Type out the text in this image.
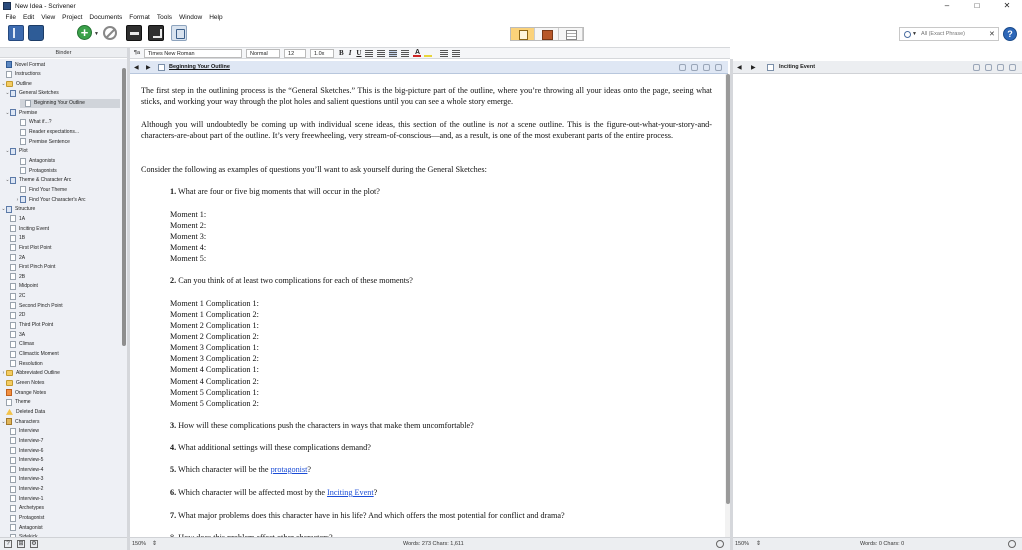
New Idea - Scrivener	–	□	✕
File	Edit	View	Project	Documents	Format	Tools	Window	Help
+	▼	▼
All (Exact Phrase)	✕	?
Binder
Novel Format
Instructions
⌄ Outline
⌄ General Sketches
Beginning Your Outline
⌄ Premise
What if...?
Reader expectations...
Premise Sentence
⌄ Plot
Antagonists
Protagonists
⌄ Theme & Character Arc
Find Your Theme
›	Find Your Character's Arc
⌄ Structure
1A
Inciting Event
1B
First Plot Point
2A
First Pinch Point
2B
Midpoint
2C
Second Pinch Point
2D
Third Plot Point
3A
Climax
Climactic Moment
Resolution
›	Abbreviated Outline
Green Notes
Orange Notes
Theme
Deleted Data
⌄ Characters
Interview
Interview-7
Interview-6
Interview-5
Interview-4
Interview-3
Interview-2
Interview-1
Archetypes
Protagonist
Antagonist
?	⊞ ⚙
¶a	Times New Roman	Normal	12	1.0x	B I U	A
◀	▶	Beginning Your Outline

The first step in the outlining process is the “General Sketches.” This is the big-picture part of the outline, where you’re throwing all your ideas onto the page, seeing what sticks, and working your way through the plot holes and salient questions until you can see a whole story emerge.

Although you will undoubtedly be coming up with individual scene ideas, this section of the outline is not a scene outline. This is the figure-out-what-your-story-and-characters-are-about part of the outline. It’s very freewheeling, very stream-of-conscious—and, as a result, is one of the most exuberant parts of the entire process.

Consider the following as examples of questions you’ll want to ask yourself during the General Sketches:

1. What are four or five big moments that will occur in the plot?
Moment 1:
Moment 2:
Moment 3:
Moment 4:
Moment 5:
2. Can you think of at least two complications for each of these moments?
Moment 1 Complication 1:
Moment 1 Complication 2:
Moment 2 Complication 1:
Moment 2 Complication 2:
Moment 3 Complication 1:
Moment 3 Complication 2:
Moment 4 Complication 1:
Moment 4 Complication 2:
Moment 5 Complication 1:
Moment 5 Complication 2:
3. How will these complications push the characters in ways that make them uncomfortable?
4. What additional settings will these complications demand?
5. Which character will be the protagonist?
6. Which character will be affected most by the Inciting Event?
7. What major problems does this character have in his life? And which offers the most potential for conflict and drama?
150% ⇕	Words: 273 Chars: 1,611
◀	▶	Inciting Event
150% ⇕	Words: 0 Chars: 0
